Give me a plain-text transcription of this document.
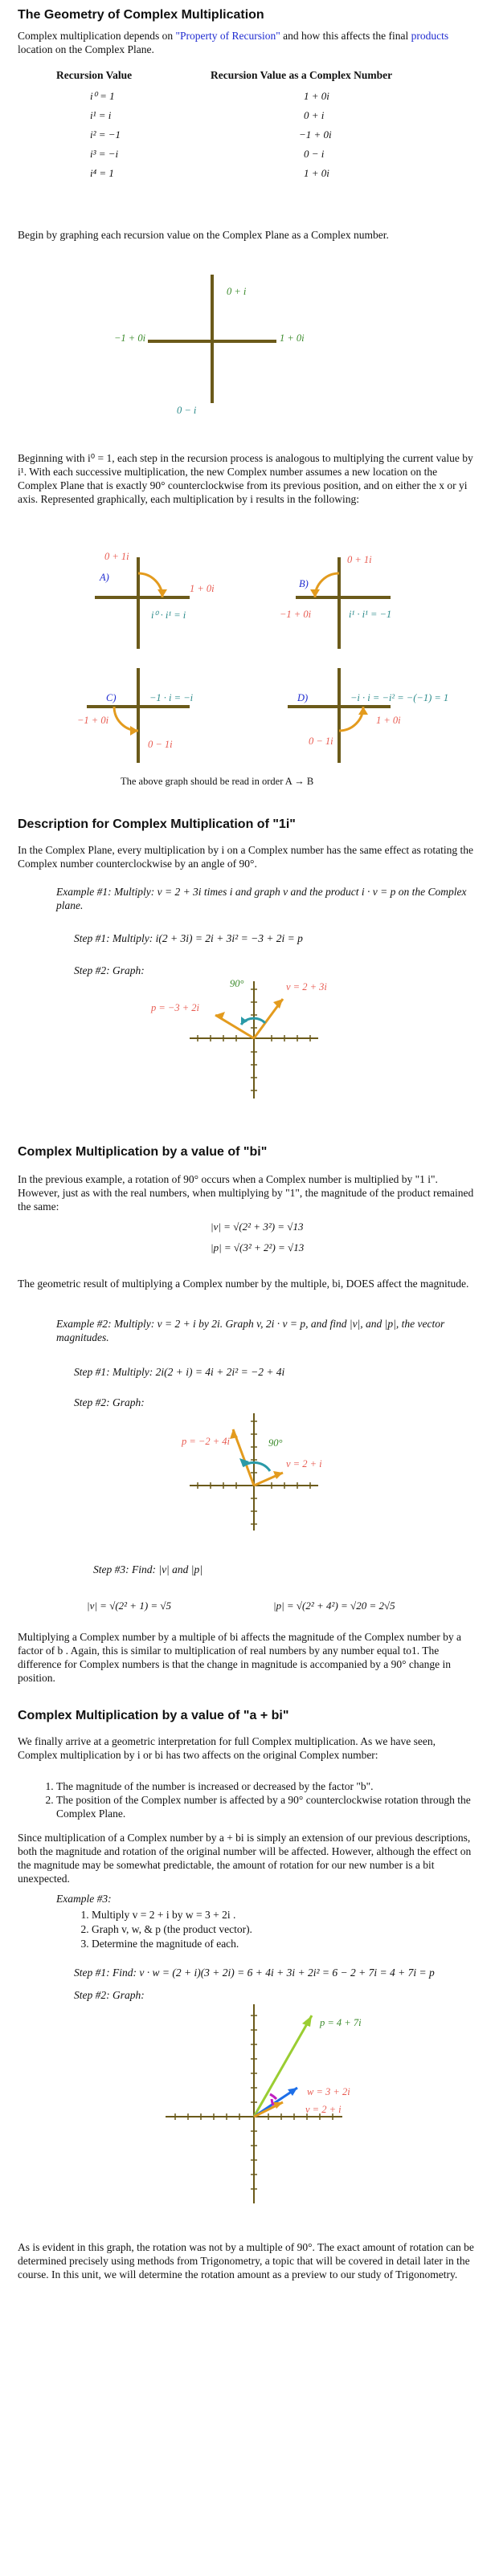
The Geometry of Complex Multiplication
Complex multiplication depends on "Property of Recursion" and how this affects the final products location on the Complex Plane.
Recursion Value	Recursion Value as a Complex Number
i⁰ = 1	1 + 0i
i¹ = i	0 + i
i² = −1	−1 + 0i
i³ = −i	0 − i
i⁴ = 1	1 + 0i
Begin by graphing each recursion value on the Complex Plane as a Complex number.
0 + i
−1 + 0i	1 + 0i
0 − i
Beginning with i⁰ = 1, each step in the recursion process is analogous to multiplying the current value by i¹. With each successive multiplication, the new Complex number assumes a new location on the Complex Plane that is exactly 90° counterclockwise from its previous position, and on either the x or yi axis. Represented graphically, each multiplication by i results in the following:
0 + 1i
A)
1 + 0i
i⁰ · i¹ = i
B)
0 + 1i
−1 + 0i	i¹ · i¹ = −1
C)	−1 · i = −i
−1 + 0i
0 − 1i
D)	−i · i = −i² = −(−1) = 1
0 − 1i
1 + 0i
The above graph should be read in order A → B
Description for Complex Multiplication of "1i"
In the Complex Plane, every multiplication by i on a Complex number has the same effect as rotating the Complex number counterclockwise by an angle of 90°.
Example #1: Multiply: v = 2 + 3i times i and graph v and the product i · v = p on the Complex plane.
Step #1: Multiply: i(2 + 3i) = 2i + 3i² = −3 + 2i = p
Step #2: Graph:
90°
p = −3 + 2i
v = 2 + 3i
Complex Multiplication by a value of "bi"
In the previous example, a rotation of 90° occurs when a Complex number is multiplied by "1 i". However, just as with the real numbers, when multiplying by "1", the magnitude of the product remained the same:
|v| = √(2² + 3²) = √13
|p| = √(3² + 2²) = √13
The geometric result of multiplying a Complex number by the multiple, bi, DOES affect the magnitude.
Example #2: Multiply: v = 2 + i by 2i. Graph v, 2i · v = p, and find |v|, and |p|, the vector magnitudes.
Step #1: Multiply: 2i(2 + i) = 4i + 2i² = −2 + 4i
Step #2: Graph:
p = −2 + 4i	90°
v = 2 + i
Step #3: Find: |v| and |p|
|v| = √(2² + 1) = √5	|p| = √(2² + 4²) = √20 = 2√5
Multiplying a Complex number by a multiple of bi affects the magnitude of the Complex number by a factor of b . Again, this is similar to multiplication of real numbers by any number equal to1. The difference for Complex numbers is that the change in magnitude is accompanied by a 90° change in position.
Complex Multiplication by a value of "a + bi"
We finally arrive at a geometric interpretation for full Complex multiplication. As we have seen, Complex multiplication by i or bi has two affects on the original Complex number:
1. The magnitude of the number is increased or decreased by the factor "b".
2. The position of the Complex number is affected by a 90° counterclockwise rotation through the Complex Plane.
Since multiplication of a Complex number by a + bi is simply an extension of our previous descriptions, both the magnitude and rotation of the original number will be affected. However, although the effect on the magnitude may be somewhat predictable, the amount of rotation for our new number is a bit unexpected.
Example #3:
1. Multiply v = 2 + i by w = 3 + 2i .
2. Graph v, w, & p (the product vector).
3. Determine the magnitude of each.
Step #1: Find: v · w = (2 + i)(3 + 2i) = 6 + 4i + 3i + 2i² = 6 − 2 + 7i = 4 + 7i = p
Step #2: Graph:
p = 4 + 7i
w = 3 + 2i
v = 2 + i
As is evident in this graph, the rotation was not by a multiple of 90°. The exact amount of rotation can be determined precisely using methods from Trigonometry, a topic that will be covered in detail later in the course. In this unit, we will determine the rotation amount as a preview to our study of Trigonometry.
